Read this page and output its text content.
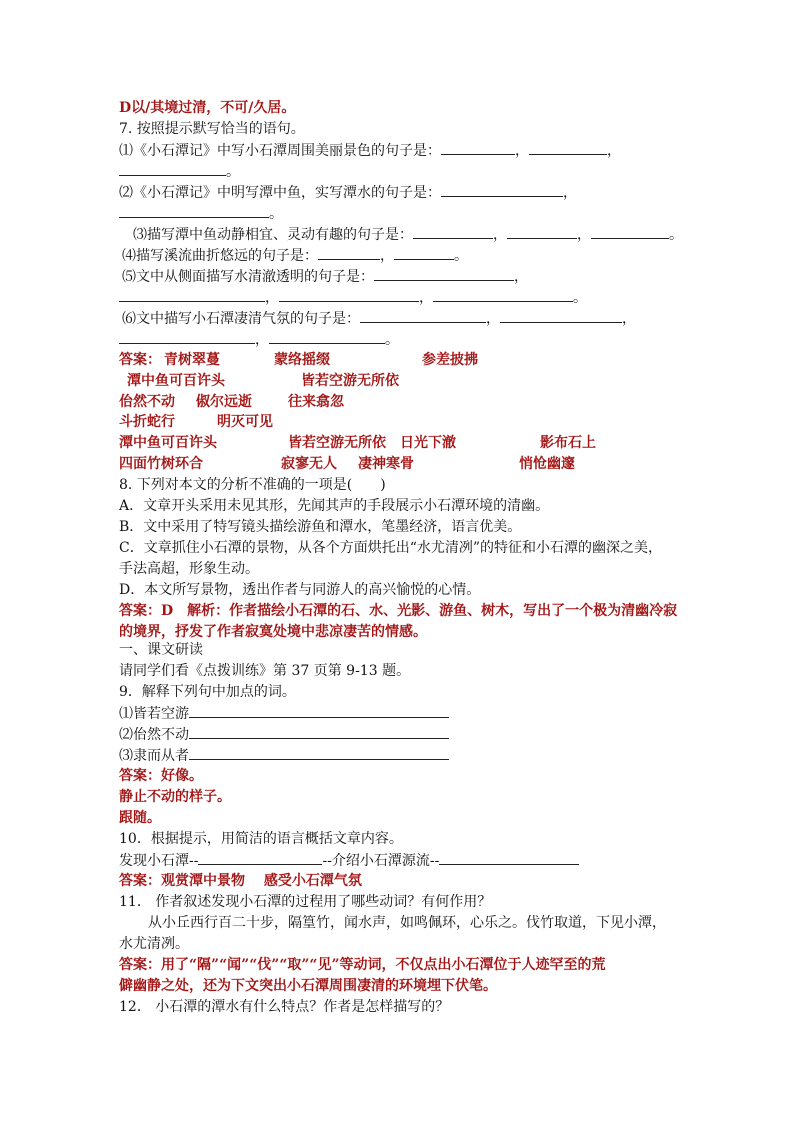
D以/其境过清，不可/久居。
7. 按照提示默写恰当的语句。
⑴《小石潭记》中写小石潭周围美丽景色的句子是：	，	，
。
⑵《小石潭记》中明写潭中鱼，实写潭水的句子是：	，
。
⑶描写潭中鱼动静相宜、灵动有趣的句子是：	，	，	。
⑷描写溪流曲折悠远的句子是：	，	。
⑸文中从侧面描写水清澈透明的句子是：	，
，	，	。
⑹文中描写小石潭凄清气氛的句子是：	，	，
，	。
答案： 青树翠蔓	蒙络摇缀	参差披拂
潭中鱼可百许头	皆若空游无所依
佁然不动 俶尔远逝	往来翕忽
斗折蛇行	明灭可见
潭中鱼可百许头	皆若空游无所依 日光下澈	影布石上
四面竹树环合	寂寥无人 凄神寒骨	悄怆幽邃
8. 下列对本文的分析不准确的一项是(　　)
A．文章开头采用未见其形，先闻其声的手段展示小石潭环境的清幽。
B．文中采用了特写镜头描绘游鱼和潭水，笔墨经济，语言优美。
C．文章抓住小石潭的景物，从各个方面烘托出“水尤清冽”的特征和小石潭的幽深之美，
手法高超，形象生动。
D．本文所写景物，透出作者与同游人的高兴愉悦的心情。
答案：D　解析：作者描绘小石潭的石、水、光影、游鱼、树木，写出了一个极为清幽冷寂
的境界，抒发了作者寂寞处境中悲凉凄苦的情感。
一、课文研读
请同学们看《点拨训练》第 37 页第 9-13 题。
9．解释下列句中加点的词。
⑴皆若空游
⑵佁然不动
⑶隶而从者
答案：好像。
静止不动的样子。
跟随。
10．根据提示，用简洁的语言概括文章内容。
发现小石潭--	--介绍小石潭源流--
答案：观赏潭中景物　 感受小石潭气氛
11． 作者叙述发现小石潭的过程用了哪些动词？有何作用？
从小丘西行百二十步，隔篁竹，闻水声，如鸣佩环，心乐之。伐竹取道，下见小潭，
水尤清冽。
答案：用了“隔”“闻”“伐”“取”“见”等动词，不仅点出小石潭位于人迹罕至的荒
僻幽静之处，还为下文突出小石潭周围凄清的环境埋下伏笔。
12． 小石潭的潭水有什么特点？作者是怎样描写的？
